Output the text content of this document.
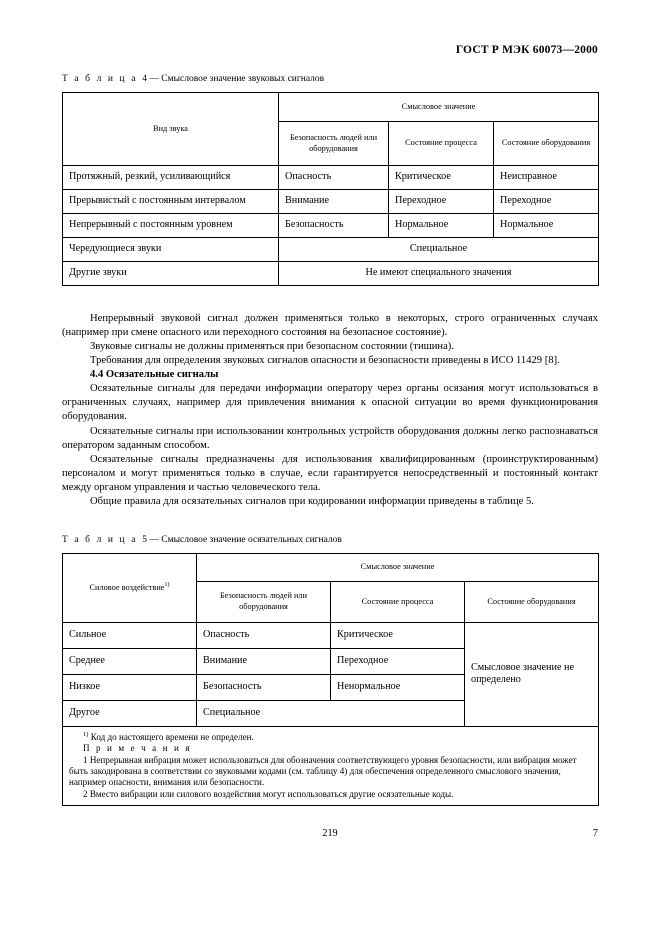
ГОСТ Р МЭК 60073—2000

Т а б л и ц а 4 — Смысловое значение звуковых сигналов

Вид звука	Смысловое значение		
	Безопасность людей или оборудования	Состояние процесса	Состояние оборудования
Протяжный, резкий, усиливающийся	Опасность	Критическое	Неисправное
Прерывистый с постоянным интервалом	Внимание	Переходное	Переходное
Непрерывный с постоянным уровнем	Безопасность	Нормальное	Нормальное
Чередующиеся звуки	Специальное		
Другие звуки	Не имеют специального значения		

Непрерывный звуковой сигнал должен применяться только в некоторых, строго ограниченных случаях (например при смене опасного или переходного состояния на безопасное состояние).

Звуковые сигналы не должны применяться при безопасном состоянии (тишина).

Требования для определения звуковых сигналов опасности и безопасности приведены в ИСО 11429 [8].

4.4 Осязательные сигналы

Осязательные сигналы для передачи информации оператору через органы осязания могут использоваться в ограниченных случаях, например для привлечения внимания к опасной ситуации во время функционирования оборудования.

Осязательные сигналы при использовании контрольных устройств оборудования должны легко распознаваться оператором заданным способом.

Осязательные сигналы предназначены для использования квалифицированным (проинструктированным) персоналом и могут применяться только в случае, если гарантируется непосредственный и постоянный контакт между органом управления и частью человеческого тела.

Общие правила для осязательных сигналов при кодировании информации приведены в таблице 5.

Т а б л и ц а 5 — Смысловое значение осязательных сигналов

Силовое воздействие$^{1)}$	Смысловое значение		
	Безопасность людей или оборудования	Состояние процесса	Состояние оборудования
Сильное	Опасность	Критическое	Смысловое значение не определено
Среднее	Внимание	Переходное	
Низкое	Безопасность	Ненормальное	
Другое	Специальное		

$^{1)}$ Код до настоящего времени не определен.

П р и м е ч а н и я

1 Непрерывная вибрация может использоваться для обозначения соответствующего уровня безопасности, или вибрация может быть закодирована в соответствии со звуковыми кодами (см. таблицу 4) для обеспечения определенного смыслового значения, например опасности, внимания или безопасности.

2 Вместо вибрации или силового воздействия могут использоваться другие осязательные коды.			

219	7
